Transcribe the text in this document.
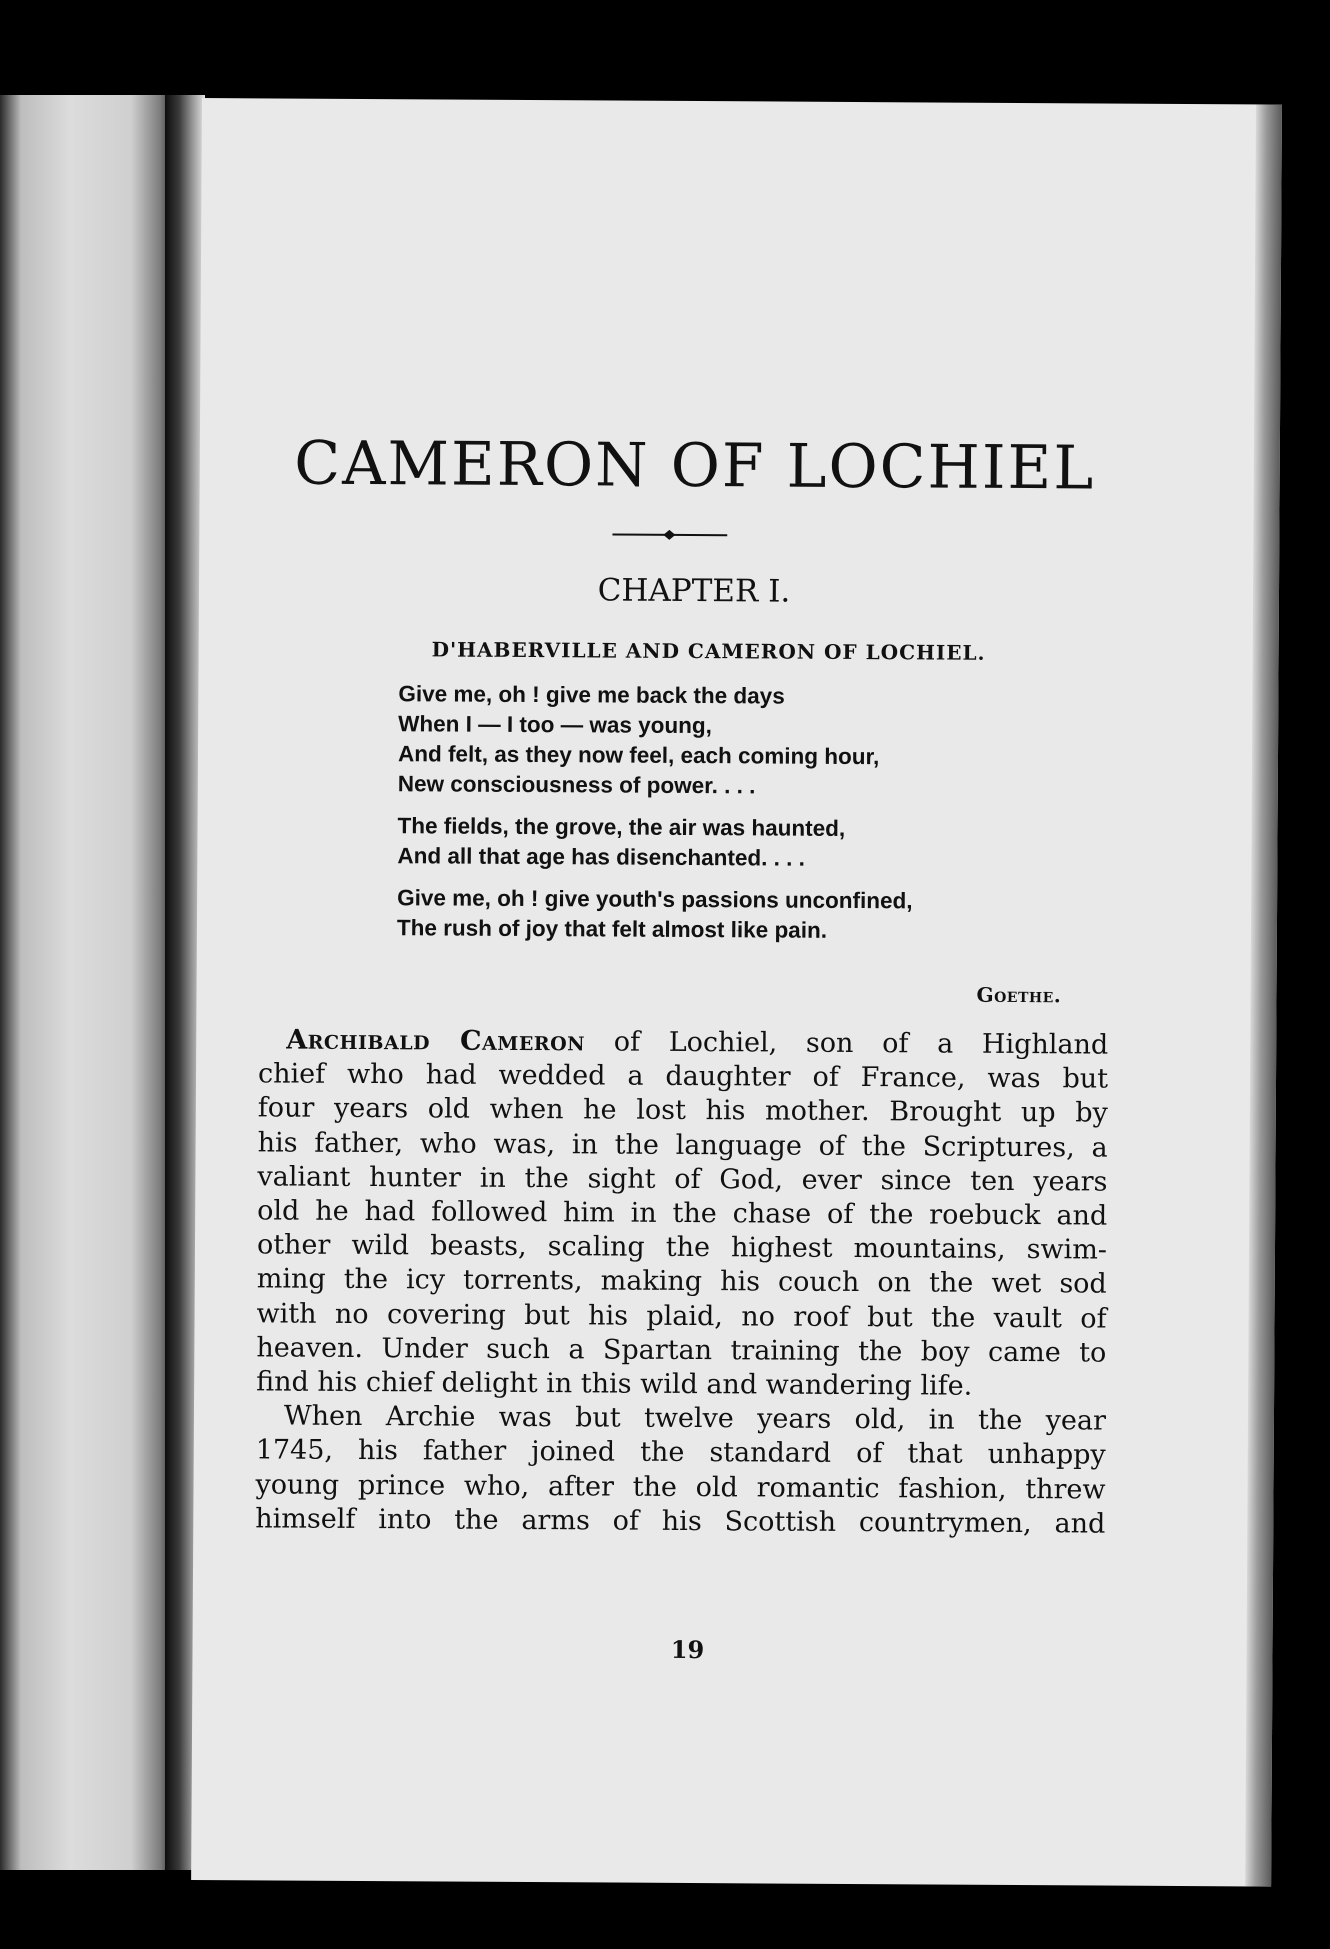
CAMERON OF LOCHIEL
CHAPTER I.
D'HABERVILLE AND CAMERON OF LOCHIEL.
Give me, oh ! give me back the days
When I — I too — was young,
And felt, as they now feel, each coming hour,
New consciousness of power. . . .
The fields, the grove, the air was haunted,
And all that age has disenchanted. . . .
Give me, oh ! give youth's passions unconfined,
The rush of joy that felt almost like pain.
Goethe.

Archibald Cameron of Lochiel, son of a Highland
chief who had wedded a daughter of France, was but
four years old when he lost his mother. Brought up by
his father, who was, in the language of the Scriptures, a
valiant hunter in the sight of God, ever since ten years
old he had followed him in the chase of the roebuck and
other wild beasts, scaling the highest mountains, swim-
ming the icy torrents, making his couch on the wet sod
with no covering but his plaid, no roof but the vault of
heaven. Under such a Spartan training the boy came to
find his chief delight in this wild and wandering life.

When Archie was but twelve years old, in the year
1745, his father joined the standard of that unhappy
young prince who, after the old romantic fashion, threw
himself into the arms of his Scottish countrymen, and

19
